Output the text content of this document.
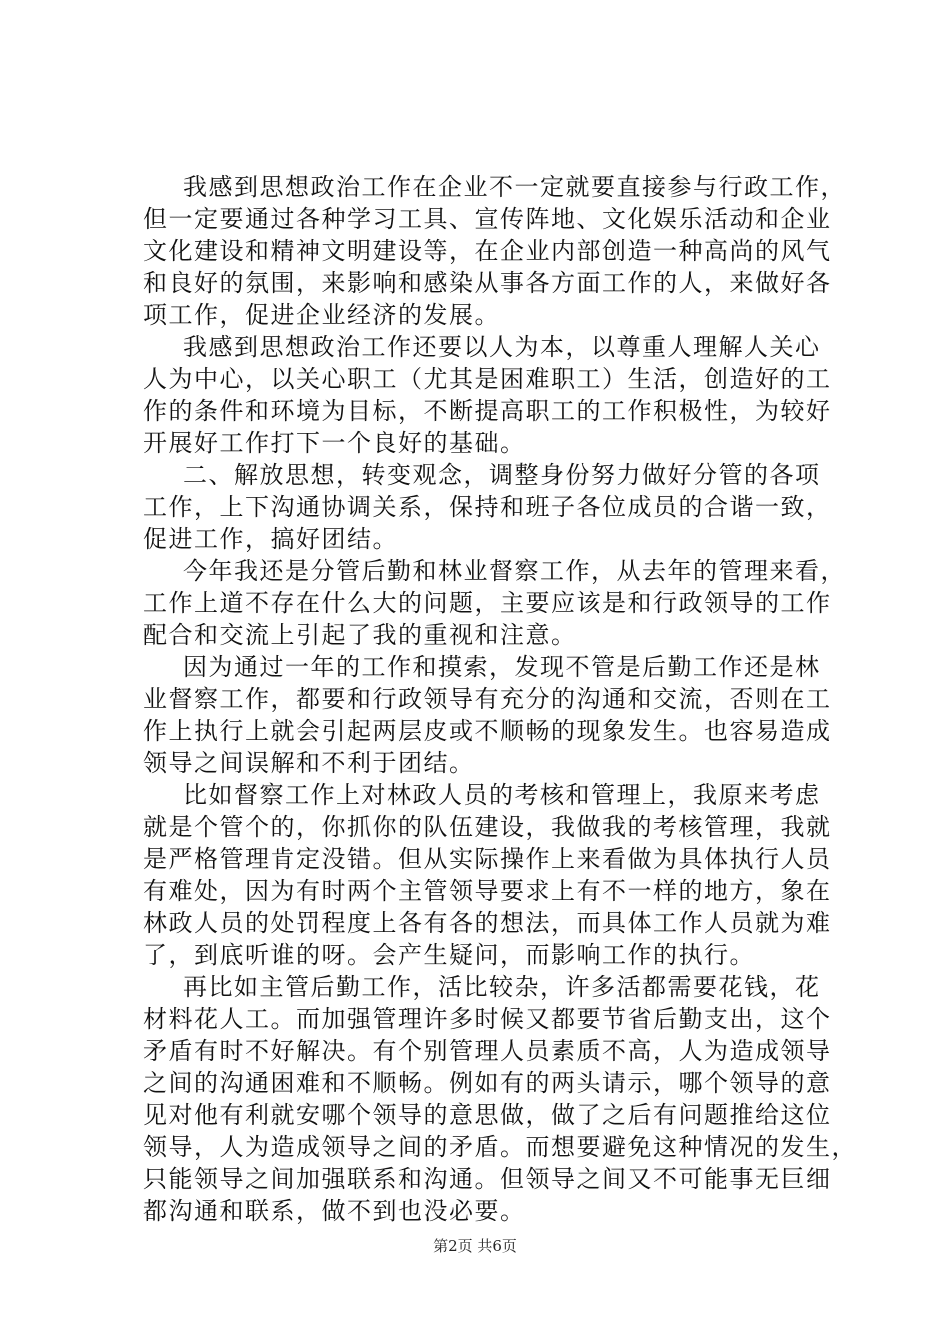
我感到思想政治工作在企业不一定就要直接参与行政工作，
但一定要通过各种学习工具、宣传阵地、文化娱乐活动和企业
文化建设和精神文明建设等，在企业内部创造一种高尚的风气
和良好的氛围，来影响和感染从事各方面工作的人，来做好各
项工作，促进企业经济的发展。
我感到思想政治工作还要以人为本，以尊重人理解人关心
人为中心，以关心职工（尤其是困难职工）生活，创造好的工
作的条件和环境为目标，不断提高职工的工作积极性，为较好
开展好工作打下一个良好的基础。
二、解放思想，转变观念，调整身份努力做好分管的各项
工作，上下沟通协调关系，保持和班子各位成员的合谐一致，
促进工作，搞好团结。
今年我还是分管后勤和林业督察工作，从去年的管理来看，
工作上道不存在什么大的问题，主要应该是和行政领导的工作
配合和交流上引起了我的重视和注意。
因为通过一年的工作和摸索，发现不管是后勤工作还是林
业督察工作，都要和行政领导有充分的沟通和交流，否则在工
作上执行上就会引起两层皮或不顺畅的现象发生。也容易造成
领导之间误解和不利于团结。
比如督察工作上对林政人员的考核和管理上，我原来考虑
就是个管个的，你抓你的队伍建设，我做我的考核管理，我就
是严格管理肯定没错。但从实际操作上来看做为具体执行人员
有难处，因为有时两个主管领导要求上有不一样的地方，象在
林政人员的处罚程度上各有各的想法，而具体工作人员就为难
了，到底听谁的呀。会产生疑问，而影响工作的执行。
再比如主管后勤工作，活比较杂，许多活都需要花钱，花
材料花人工。而加强管理许多时候又都要节省后勤支出，这个
矛盾有时不好解决。有个别管理人员素质不高，人为造成领导
之间的沟通困难和不顺畅。例如有的两头请示，哪个领导的意
见对他有利就安哪个领导的意思做，做了之后有问题推给这位
领导，人为造成领导之间的矛盾。而想要避免这种情况的发生，
只能领导之间加强联系和沟通。但领导之间又不可能事无巨细
都沟通和联系，做不到也没必要。
第2页 共6页
